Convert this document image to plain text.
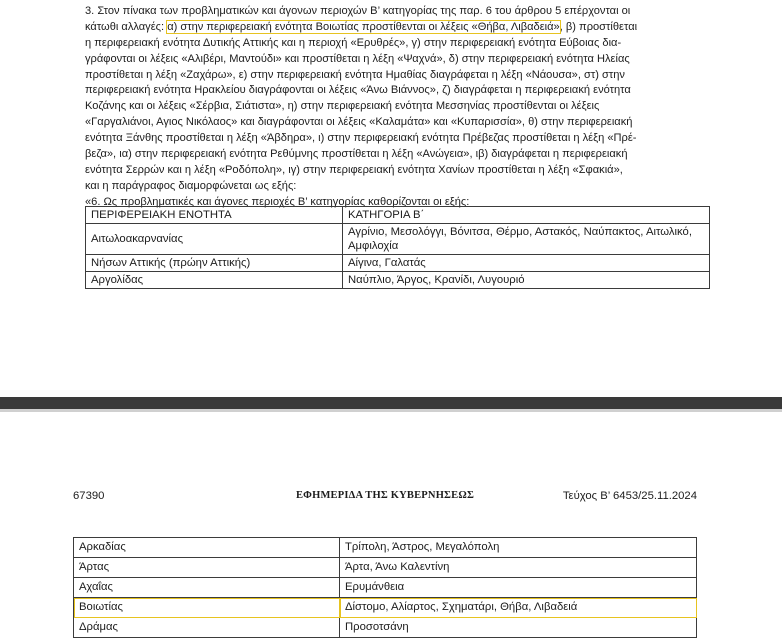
3. Στον πίνακα των προβληματικών και άγονων περιοχών Β’ κατηγορίας της παρ. 6 του άρθρου 5 επέρχονται οι
κάτωθι αλλαγές: α) στην περιφερειακή ενότητα Βοιωτίας προστίθενται οι λέξεις «Θήβα, Λιβαδειά», β) προστίθεται
η περιφερειακή ενότητα Δυτικής Αττικής και η περιοχή «Ερυθρές», γ) στην περιφερειακή ενότητα Εύβοιας δια-
γράφονται οι λέξεις «Αλιβέρι, Μαντούδι» και προστίθεται η λέξη «Ψαχνά», δ) στην περιφερειακή ενότητα Ηλείας
προστίθεται η λέξη «Ζαχάρω», ε) στην περιφερειακή ενότητα Ημαθίας διαγράφεται η λέξη «Νάουσα», στ) στην
περιφερειακή ενότητα Ηρακλείου διαγράφονται οι λέξεις «Άνω Βιάννος», ζ) διαγράφεται η περιφερειακή ενότητα
Κοζάνης και οι λέξεις «Σέρβια, Σιάτιστα», η) στην περιφερειακή ενότητα Μεσσηνίας προστίθενται οι λέξεις
«Γαργαλιάνοι, Αγιος Νικόλαος» και διαγράφονται οι λέξεις «Καλαμάτα» και «Κυπαρισσία», θ) στην περιφερειακή
ενότητα Ξάνθης προστίθεται η λέξη «Άβδηρα», ι) στην περιφερειακή ενότητα Πρέβεζας προστίθεται η λέξη «Πρέ-
βεζα», ια) στην περιφερειακή ενότητα Ρεθύμνης προστίθεται η λέξη «Ανώγεια», ιβ) διαγράφεται η περιφερειακή
ενότητα Σερρών και η λέξη «Ροδόπολη», ιγ) στην περιφερειακή ενότητα Χανίων προστίθεται η λέξη «Σφακιά»,
και η παράγραφος διαμορφώνεται ως εξής:
«6. Ως προβληματικές και άγονες περιοχές Β’ κατηγορίας καθορίζονται οι εξής:
ΠΕΡΙΦΕΡΕΙΑΚΗ ΕΝΟΤΗΤΑ	ΚΑΤΗΓΟΡΙΑ Β΄
Αιτωλοακαρνανίας	Αγρίνιο, Μεσολόγγι, Βόνιτσα, Θέρμο, Αστακός, Ναύπακτος, Αιτωλικό, Αμφιλοχία
Νήσων Αττικής (πρώην Αττικής)	Αίγινα, Γαλατάς
Αργολίδας	Ναύπλιο, Άργος, Κρανίδι, Λυγουριό
67390	ΕΦΗΜΕΡΙΔΑ ΤΗΣ ΚΥΒΕΡΝΗΣΕΩΣ	Τεύχος Β’ 6453/25.11.2024
Αρκαδίας	Τρίπολη, Άστρος, Μεγαλόπολη
Άρτας	Άρτα, Άνω Καλεντίνη
Αχαΐας	Ερυμάνθεια
Βοιωτίας	Δίστομο, Αλίαρτος, Σχηματάρι, Θήβα, Λιβαδειά
Δράμας	Προσοτσάνη
